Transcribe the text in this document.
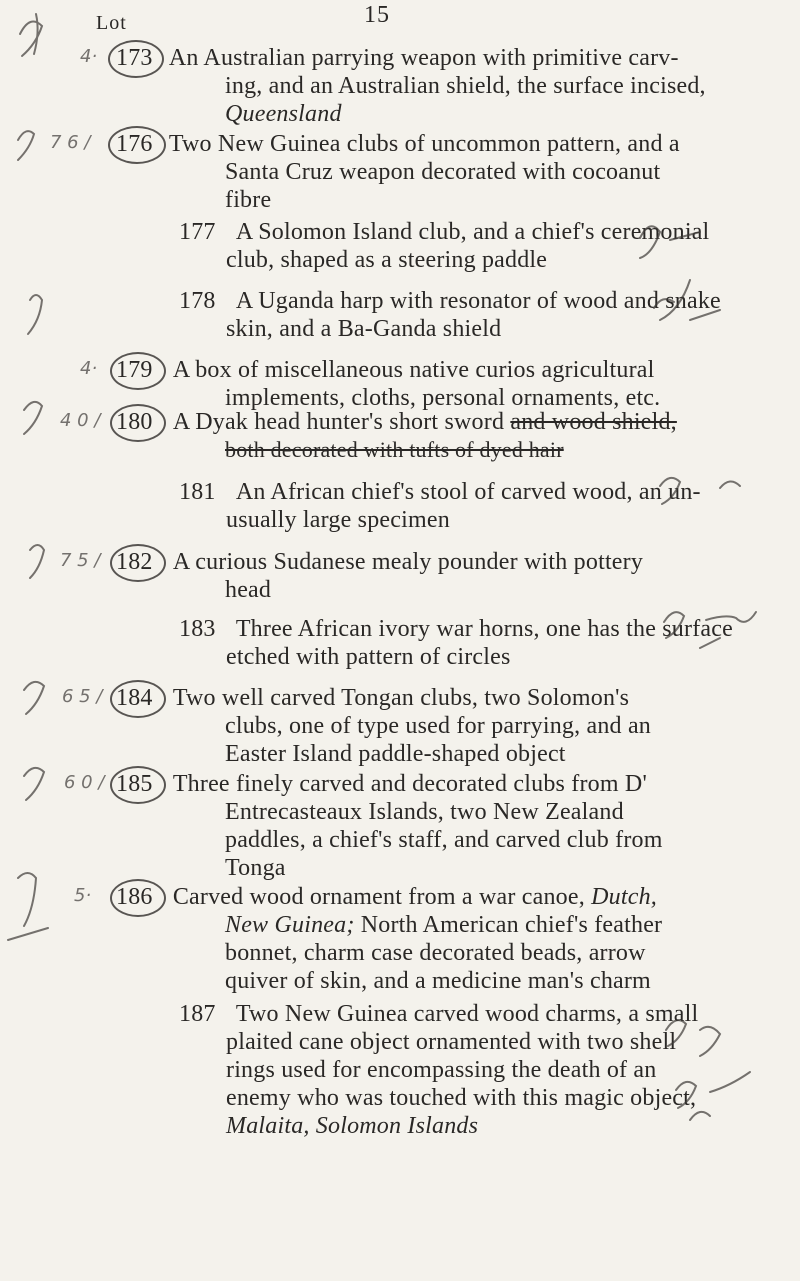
15
Lot
173 An Australian parrying weapon with primitive carv-
ing, and an Australian shield, the surface incised,
Queensland
176 Two New Guinea clubs of uncommon pattern, and a
Santa Cruz weapon decorated with cocoanut
fibre
177 A Solomon Island club, and a chief's ceremonial
club, shaped as a steering paddle
178 A Uganda harp with resonator of wood and snake
skin, and a Ba-Ganda shield
179 A box of miscellaneous native curios agricultural
implements, cloths, personal ornaments, etc.
180 A Dyak head hunter's short sword and wood shield,
both decorated with tufts of dyed hair
181 An African chief's stool of carved wood, an un-
usually large specimen
182 A curious Sudanese mealy pounder with pottery
head
183 Three African ivory war horns, one has the surface
etched with pattern of circles
184 Two well carved Tongan clubs, two Solomon's
clubs, one of type used for parrying, and an
Easter Island paddle-shaped object
185 Three finely carved and decorated clubs from D'
Entrecasteaux Islands, two New Zealand
paddles, a chief's staff, and carved club from
Tonga
186 Carved wood ornament from a war canoe, Dutch,
New Guinea; North American chief's feather
bonnet, charm case decorated beads, arrow
quiver of skin, and a medicine man's charm
187 Two New Guinea carved wood charms, a small
plaited cane object ornamented with two shell
rings used for encompassing the death of an
enemy who was touched with this magic object,
Malaita, Solomon Islands
4·
7 6 /
4·
4 0 /
7 5 /
6 5 /
6 0 /
5·
